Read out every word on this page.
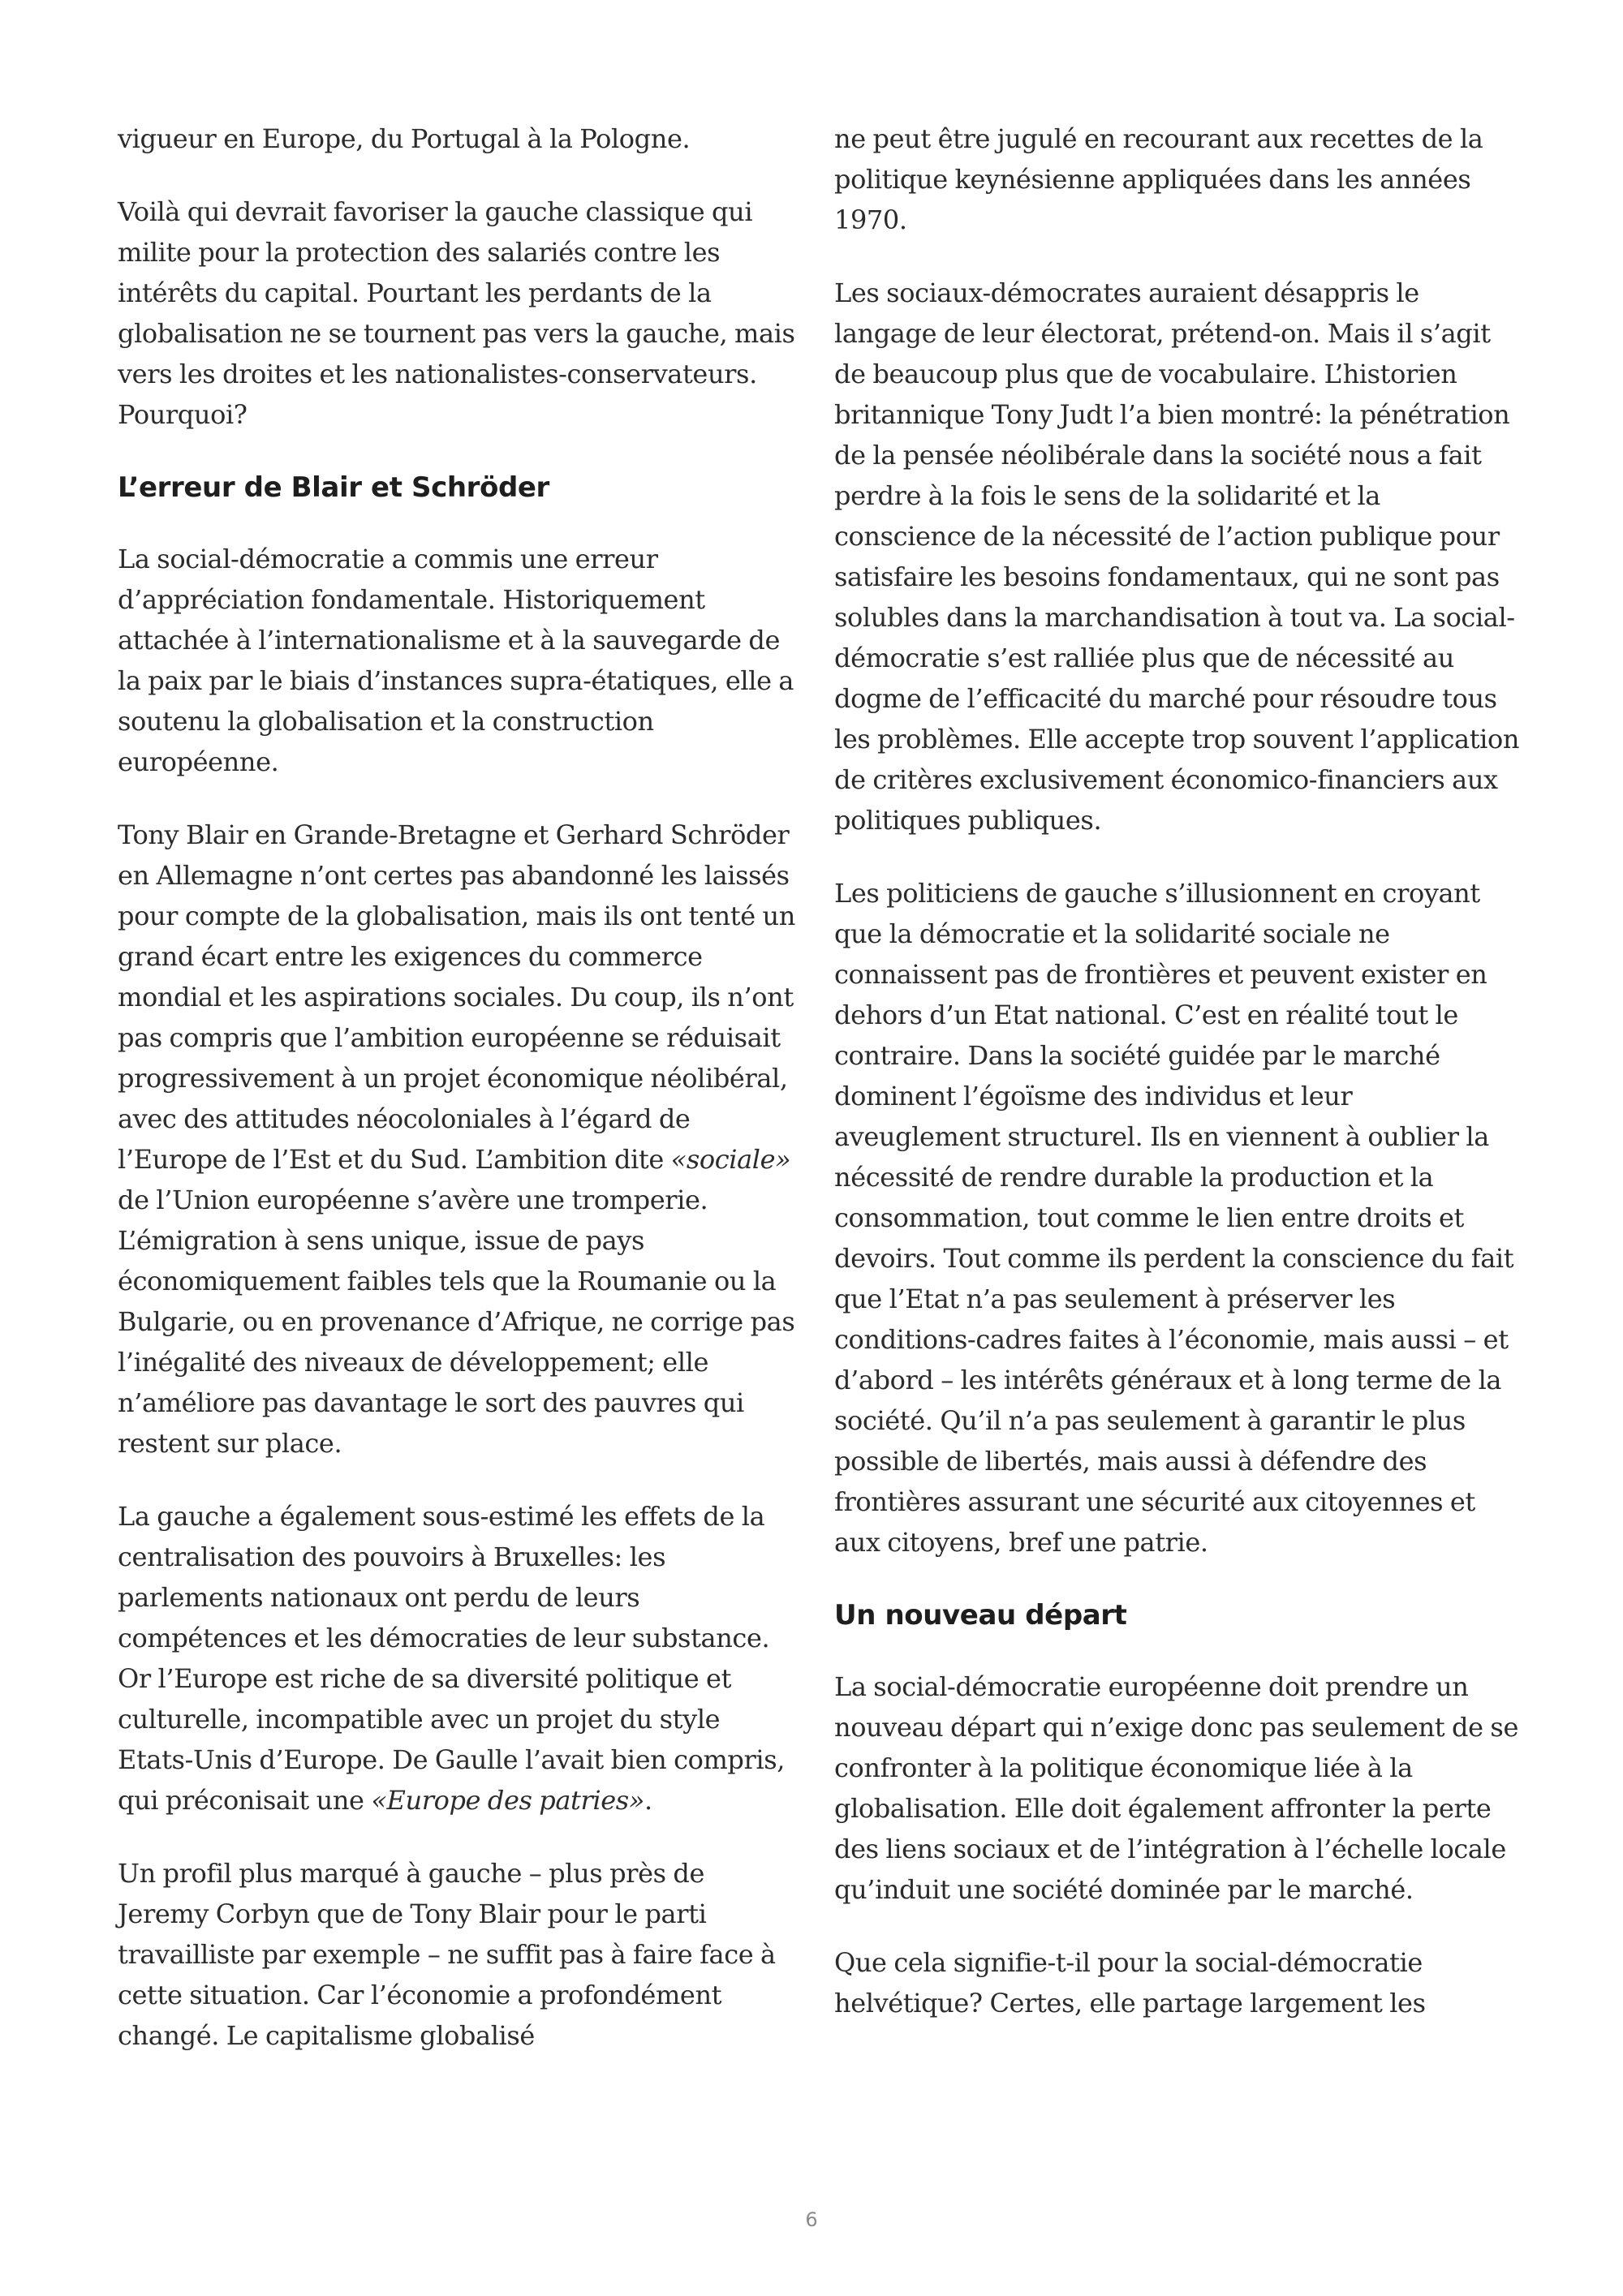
vigueur en Europe, du Portugal à la Pologne.

Voilà qui devrait favoriser la gauche classique qui milite pour la protection des salariés contre les intérêts du capital. Pourtant les perdants de la globalisation ne se tournent pas vers la gauche, mais vers les droites et les nationalistes-conservateurs. Pourquoi?

L’erreur de Blair et Schröder

La social-démocratie a commis une erreur d’appréciation fondamentale. Historiquement attachée à l’internationalisme et à la sauvegarde de la paix par le biais d’instances supra-étatiques, elle a soutenu la globalisation et la construction européenne.

Tony Blair en Grande-Bretagne et Gerhard Schröder en Allemagne n’ont certes pas abandonné les laissés pour compte de la globalisation, mais ils ont tenté un grand écart entre les exigences du commerce mondial et les aspirations sociales. Du coup, ils n’ont pas compris que l’ambition européenne se réduisait progressivement à un projet économique néolibéral, avec des attitudes néocoloniales à l’égard de l’Europe de l’Est et du Sud. L’ambition dite «sociale» de l’Union européenne s’avère une tromperie. L’émigration à sens unique, issue de pays économiquement faibles tels que la Roumanie ou la Bulgarie, ou en provenance d’Afrique, ne corrige pas l’inégalité des niveaux de développement; elle n’améliore pas davantage le sort des pauvres qui restent sur place.

La gauche a également sous-estimé les effets de la centralisation des pouvoirs à Bruxelles: les parlements nationaux ont perdu de leurs compétences et les démocraties de leur substance. Or l’Europe est riche de sa diversité politique et culturelle, incompatible avec un projet du style Etats-Unis d’Europe. De Gaulle l’avait bien compris, qui préconisait une «Europe des patries».

Un profil plus marqué à gauche – plus près de Jeremy Corbyn que de Tony Blair pour le parti travailliste par exemple – ne suffit pas à faire face à cette situation. Car l’économie a profondément changé. Le capitalisme globalisé

ne peut être jugulé en recourant aux recettes de la politique keynésienne appliquées dans les années 1970.

Les sociaux-démocrates auraient désappris le langage de leur électorat, prétend-on. Mais il s’agit de beaucoup plus que de vocabulaire. L’historien britannique Tony Judt l’a bien montré: la pénétration de la pensée néolibérale dans la société nous a fait perdre à la fois le sens de la solidarité et la conscience de la nécessité de l’action publique pour satisfaire les besoins fondamentaux, qui ne sont pas solubles dans la marchandisation à tout va. La social-démocratie s’est ralliée plus que de nécessité au dogme de l’efficacité du marché pour résoudre tous les problèmes. Elle accepte trop souvent l’application de critères exclusivement économico-financiers aux politiques publiques.

Les politiciens de gauche s’illusionnent en croyant que la démocratie et la solidarité sociale ne connaissent pas de frontières et peuvent exister en dehors d’un Etat national. C’est en réalité tout le contraire. Dans la société guidée par le marché dominent l’égoïsme des individus et leur aveuglement structurel. Ils en viennent à oublier la nécessité de rendre durable la production et la consommation, tout comme le lien entre droits et devoirs. Tout comme ils perdent la conscience du fait que l’Etat n’a pas seulement à préserver les conditions-cadres faites à l’économie, mais aussi – et d’abord – les intérêts généraux et à long terme de la société. Qu’il n’a pas seulement à garantir le plus possible de libertés, mais aussi à défendre des frontières assurant une sécurité aux citoyennes et aux citoyens, bref une patrie.

Un nouveau départ

La social-démocratie européenne doit prendre un nouveau départ qui n’exige donc pas seulement de se confronter à la politique économique liée à la globalisation. Elle doit également affronter la perte des liens sociaux et de l’intégration à l’échelle locale qu’induit une société dominée par le marché.

Que cela signifie-t-il pour la social-démocratie helvétique? Certes, elle partage largement les

6
